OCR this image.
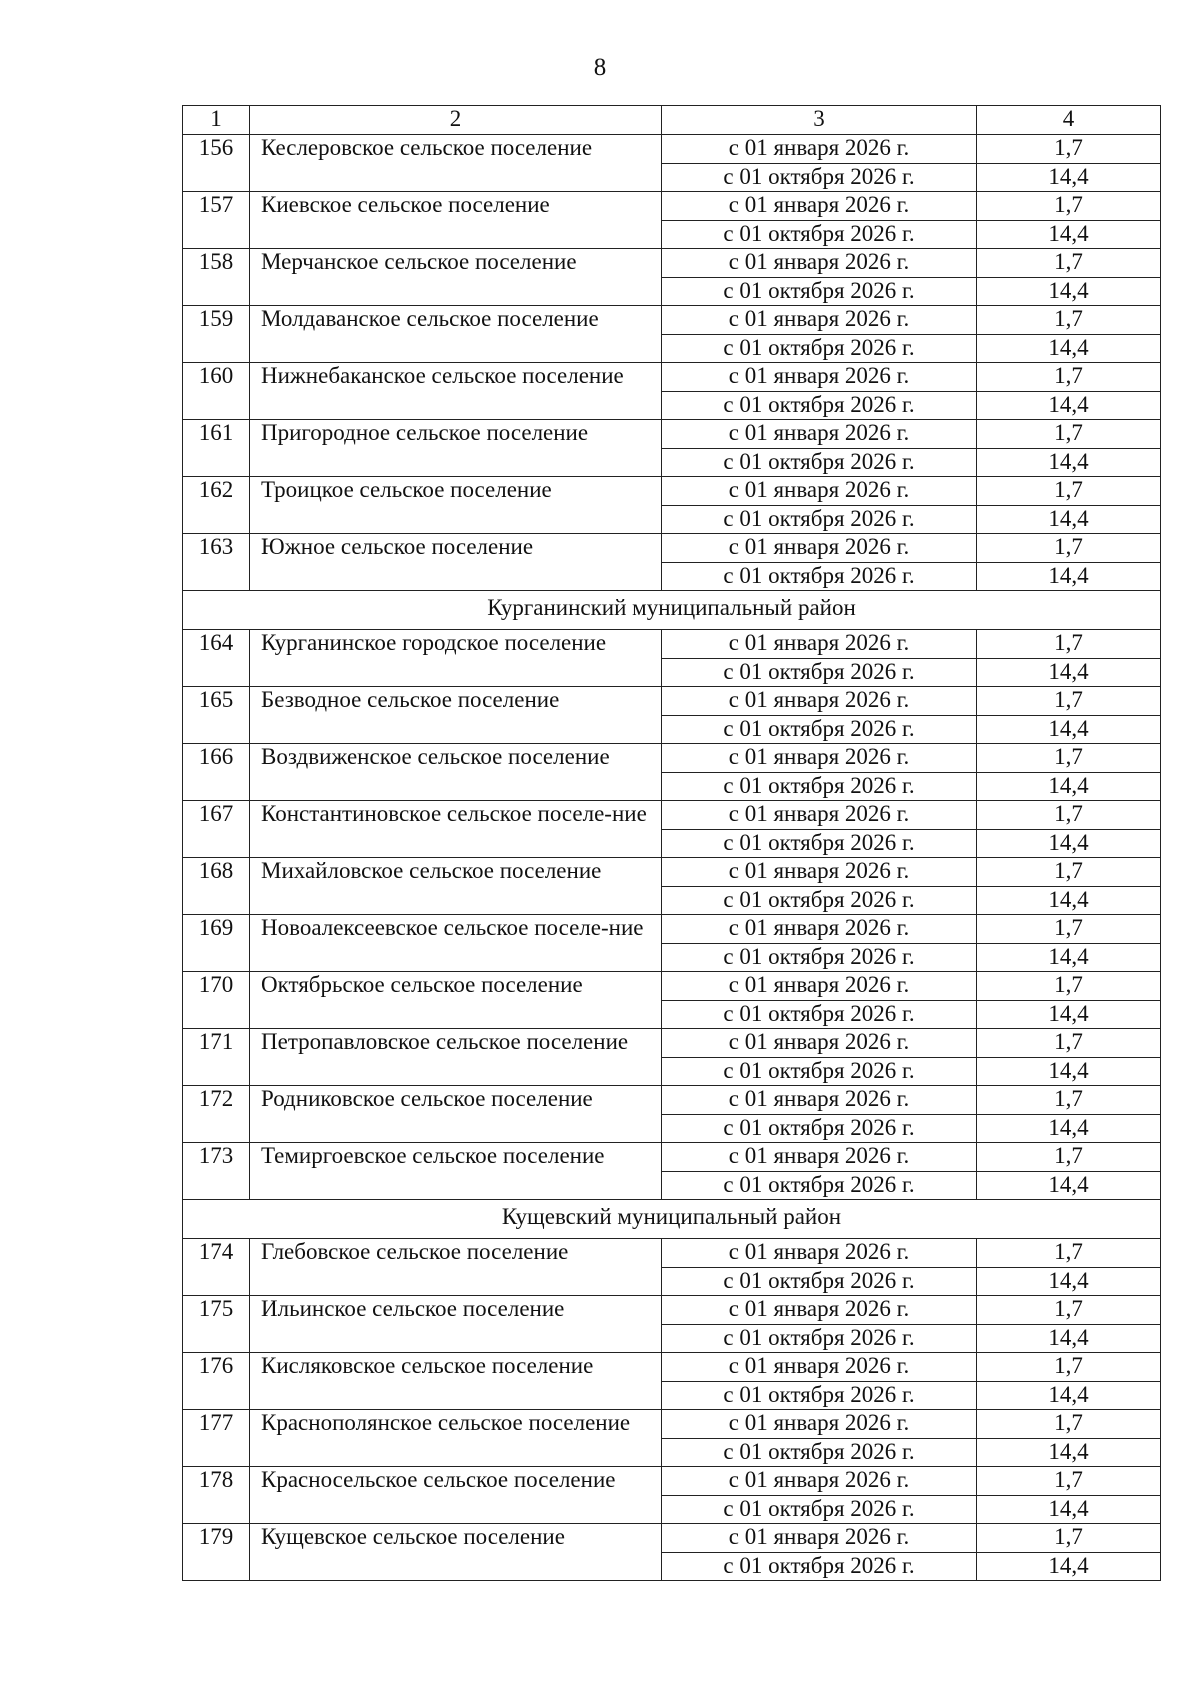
8
1	2	3	4
156	Кеслеровское сельское поселение	с 01 января 2026 г.	1,7
		с 01 октября 2026 г.	14,4
157	Киевское сельское поселение	с 01 января 2026 г.	1,7
		с 01 октября 2026 г.	14,4
158	Мерчанское сельское поселение	с 01 января 2026 г.	1,7
		с 01 октября 2026 г.	14,4
159	Молдаванское сельское поселение	с 01 января 2026 г.	1,7
		с 01 октября 2026 г.	14,4
160	Нижнебаканское сельское поселение	с 01 января 2026 г.	1,7
		с 01 октября 2026 г.	14,4
161	Пригородное сельское поселение	с 01 января 2026 г.	1,7
		с 01 октября 2026 г.	14,4
162	Троицкое сельское поселение	с 01 января 2026 г.	1,7
		с 01 октября 2026 г.	14,4
163	Южное сельское поселение	с 01 января 2026 г.	1,7
		с 01 октября 2026 г.	14,4
Курганинский муниципальный район			
164	Курганинское городское поселение	с 01 января 2026 г.	1,7
		с 01 октября 2026 г.	14,4
165	Безводное сельское поселение	с 01 января 2026 г.	1,7
		с 01 октября 2026 г.	14,4
166	Воздвиженское сельское поселение	с 01 января 2026 г.	1,7
		с 01 октября 2026 г.	14,4
167	Константиновское сельское поселе-ние	с 01 января 2026 г.	1,7
		с 01 октября 2026 г.	14,4
168	Михайловское сельское поселение	с 01 января 2026 г.	1,7
		с 01 октября 2026 г.	14,4
169	Новоалексеевское сельское поселе-ние	с 01 января 2026 г.	1,7
		с 01 октября 2026 г.	14,4
170	Октябрьское сельское поселение	с 01 января 2026 г.	1,7
		с 01 октября 2026 г.	14,4
171	Петропавловское сельское поселение	с 01 января 2026 г.	1,7
		с 01 октября 2026 г.	14,4
172	Родниковское сельское поселение	с 01 января 2026 г.	1,7
		с 01 октября 2026 г.	14,4
173	Темиргоевское сельское поселение	с 01 января 2026 г.	1,7
		с 01 октября 2026 г.	14,4
Кущевский муниципальный район			
174	Глебовское сельское поселение	с 01 января 2026 г.	1,7
		с 01 октября 2026 г.	14,4
175	Ильинское сельское поселение	с 01 января 2026 г.	1,7
		с 01 октября 2026 г.	14,4
176	Кисляковское сельское поселение	с 01 января 2026 г.	1,7
		с 01 октября 2026 г.	14,4
177	Краснополянское сельское поселение	с 01 января 2026 г.	1,7
		с 01 октября 2026 г.	14,4
178	Красносельское сельское поселение	с 01 января 2026 г.	1,7
		с 01 октября 2026 г.	14,4
179	Кущевское сельское поселение	с 01 января 2026 г.	1,7
		с 01 октября 2026 г.	14,4
